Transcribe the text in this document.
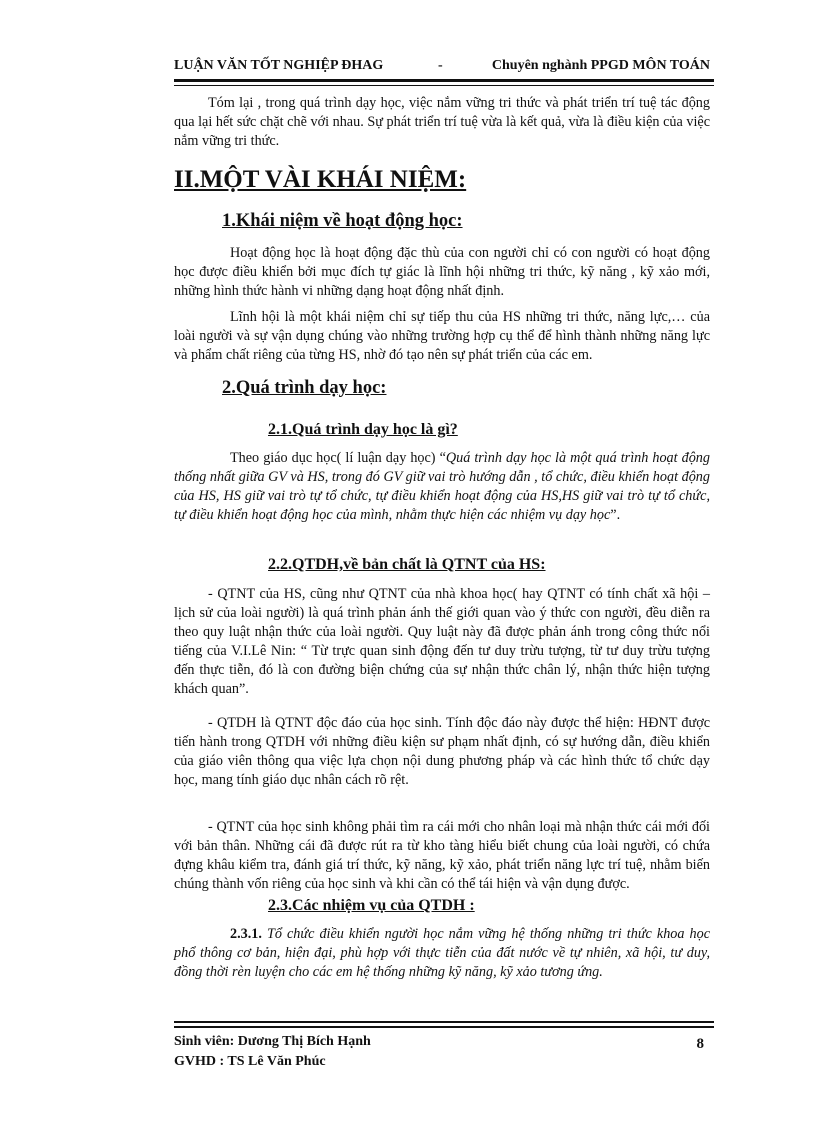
LUẬN VĂN TỐT NGHIỆP ĐHAG	-	Chuyên nghành PPGD MÔN TOÁN

Tóm lại , trong quá trình dạy học, việc nắm vững tri thức và phát triển trí tuệ tác động qua lại hết sức chặt chẽ với nhau. Sự phát triển trí tuệ vừa là kết quả, vừa là điều kiện của việc nắm vững tri thức.

II.MỘT VÀI KHÁI NIỆM:
1.Khái niệm về hoạt động học:

Hoạt động học là hoạt động đặc thù của con người chỉ có con người có hoạt động học được điều khiển bởi mục đích tự giác là lĩnh hội những tri thức, kỹ năng , kỹ xảo mới, những hình thức hành vi những dạng hoạt động nhất định.

Lĩnh hội là một khái niệm chỉ sự tiếp thu của HS những tri thức, năng lực,… của loài người và sự vận dụng chúng vào những trường hợp cụ thể để hình thành những năng lực và phẩm chất riêng của từng HS, nhờ đó tạo nên sự phát triển của các em.

2.Quá trình dạy học:
2.1.Quá trình dạy học là gì?

Theo giáo dục học( lí luận dạy học) “Quá trình dạy học là một quá trình hoạt động thống nhất giữa GV và HS, trong đó GV giữ vai trò hướng dẫn , tổ chức, điều khiển hoạt động của HS, HS giữ vai trò tự tổ chức, tự điều khiển hoạt động của HS,HS giữ vai trò tự tổ chức, tự điều khiển hoạt động học của mình, nhằm thực hiện các nhiệm vụ dạy học”.

2.2.QTDH,về bản chất là QTNT của HS:

- QTNT của HS, cũng như QTNT của nhà khoa học( hay QTNT có tính chất xã hội – lịch sử của loài người) là quá trình phản ánh thế giới quan vào ý thức con người, đều diễn ra theo quy luật nhận thức của loài người. Quy luật này đã được phản ánh trong công thức nổi tiếng của V.I.Lê Nin: “ Từ trực quan sinh động đến tư duy trừu tượng, từ tư duy trừu tượng đến thực tiễn, đó là con đường biện chứng của sự nhận thức chân lý, nhận thức hiện tượng khách quan”.

- QTDH là QTNT độc đáo của học sinh. Tính độc đáo này được thể hiện: HĐNT được tiến hành trong QTDH với những điều kiện sư phạm nhất định, có sự hướng dẫn, điều khiển của giáo viên thông qua việc lựa chọn nội dung phương pháp và các hình thức tổ chức dạy học, mang tính giáo dục nhân cách rõ rệt.

- QTNT của học sinh không phải tìm ra cái mới cho nhân loại mà nhận thức cái mới đối với bản thân. Những cái đã được rút ra từ kho tàng hiểu biết chung của loài người, có chứa đựng khâu kiểm tra, đánh giá trí thức, kỹ năng, kỹ xảo, phát triển năng lực trí tuệ, nhằm biến chúng thành vốn riêng của học sinh và khi cần có thể tái hiện và vận dụng được.

2.3.Các nhiệm vụ của QTDH :

2.3.1. Tổ chức điều khiển người học nắm vững hệ thống những tri thức khoa học phổ thông cơ bản, hiện đại, phù hợp với thực tiễn của đất nước về tự nhiên, xã hội, tư duy, đồng thời rèn luyện cho các em hệ thống những kỹ năng, kỹ xảo tương ứng.

Sinh viên: Dương Thị Bích Hạnh
GVHD : TS Lê Văn Phúc
8
